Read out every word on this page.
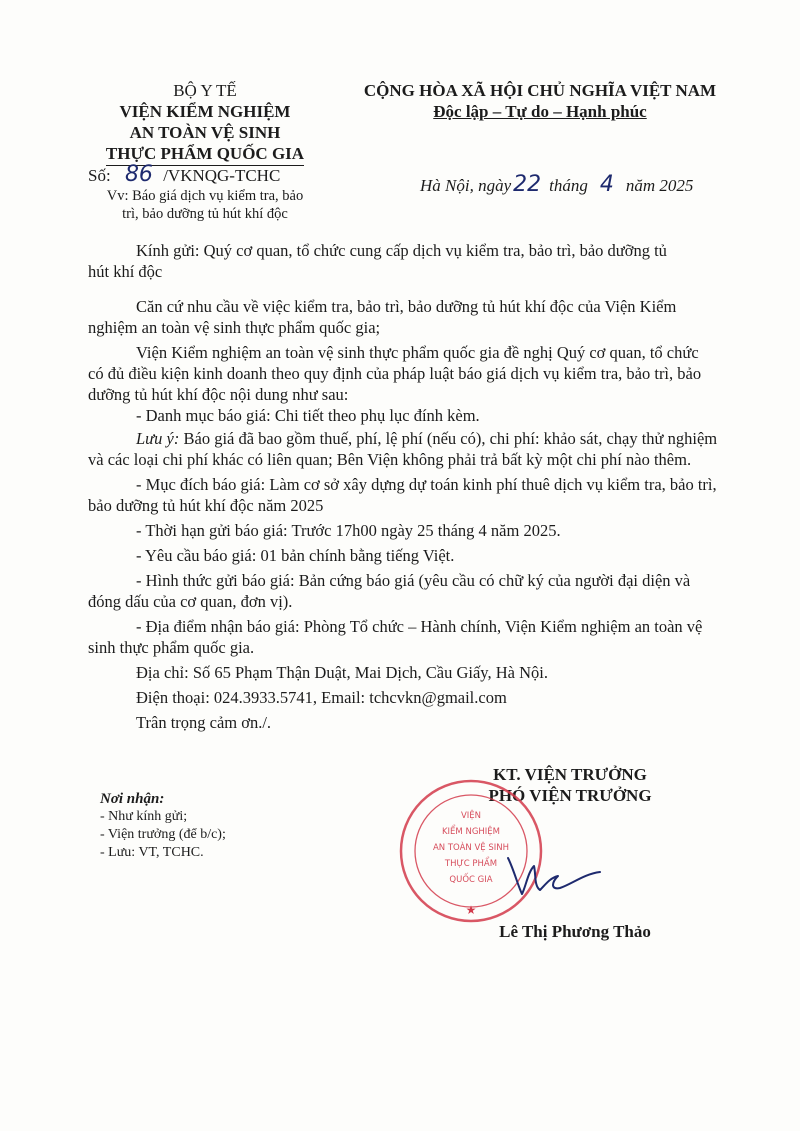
BỘ Y TẾ
VIỆN KIỂM NGHIỆM
AN TOÀN VỆ SINH
THỰC PHẨM QUỐC GIA
Số: 86 /VKNQG-TCHC
Vv: Báo giá dịch vụ kiểm tra, bảo
trì, bảo dưỡng tủ hút khí độc
CỘNG HÒA XÃ HỘI CHỦ NGHĨA VIỆT NAM
Độc lập – Tự do – Hạnh phúc
Hà Nội, ngày22 tháng 4 năm 2025
Kính gửi: Quý cơ quan, tổ chức cung cấp dịch vụ kiểm tra, bảo trì, bảo dưỡng tủ
hút khí độc
Căn cứ nhu cầu về việc kiểm tra, bảo trì, bảo dưỡng tủ hút khí độc của Viện Kiểm
nghiệm an toàn vệ sinh thực phẩm quốc gia;
Viện Kiểm nghiệm an toàn vệ sinh thực phẩm quốc gia đề nghị Quý cơ quan, tổ chức
có đủ điều kiện kinh doanh theo quy định của pháp luật báo giá dịch vụ kiểm tra, bảo trì, bảo
dưỡng tủ hút khí độc nội dung như sau:
- Danh mục báo giá: Chi tiết theo phụ lục đính kèm.
Lưu ý: Báo giá đã bao gồm thuế, phí, lệ phí (nếu có), chi phí: khảo sát, chạy thử nghiệm
và các loại chi phí khác có liên quan; Bên Viện không phải trả bất kỳ một chi phí nào thêm.
- Mục đích báo giá: Làm cơ sở xây dựng dự toán kinh phí thuê dịch vụ kiểm tra, bảo trì,
bảo dưỡng tủ hút khí độc năm 2025
- Thời hạn gửi báo giá: Trước 17h00 ngày 25 tháng 4 năm 2025.
- Yêu cầu báo giá: 01 bản chính bằng tiếng Việt.
- Hình thức gửi báo giá: Bản cứng báo giá (yêu cầu có chữ ký của người đại diện và
đóng dấu của cơ quan, đơn vị).
- Địa điểm nhận báo giá: Phòng Tổ chức – Hành chính, Viện Kiểm nghiệm an toàn vệ
sinh thực phẩm quốc gia.
Địa chỉ: Số 65 Phạm Thận Duật, Mai Dịch, Cầu Giấy, Hà Nội.
Điện thoại: 024.3933.5741, Email: tchcvkn@gmail.com
Trân trọng cảm ơn./.
Nơi nhận:
- Như kính gửi;
- Viện trưởng (để b/c);
- Lưu: VT, TCHC.
KT. VIỆN TRƯỞNG
PHÓ VIỆN TRƯỞNG
★
VIỆN
KIỂM NGHIỆM
AN TOÀN VỆ SINH
THỰC PHẨM
QUỐC GIA
Lê Thị Phương Thảo
